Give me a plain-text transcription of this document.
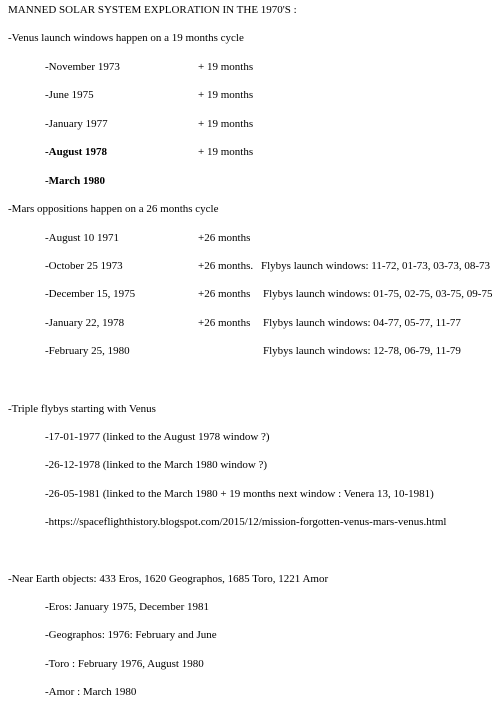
MANNED SOLAR SYSTEM EXPLORATION IN THE 1970'S :
-Venus launch windows happen on a 19 months cycle
-November 1973	+ 19 months
-June 1975	+ 19 months
-January 1977	+ 19 months
-August 1978	+ 19 months
-March 1980
-Mars oppositions happen on a 26 months cycle
-August 10 1971	+26 months
-October 25 1973	+26 months. Flybys launch windows: 11-72, 01-73, 03-73, 08-73
-December 15, 1975	+26 months Flybys launch windows: 01-75, 02-75, 03-75, 09-75
-January 22, 1978	+26 months Flybys launch windows: 04-77, 05-77, 11-77
-February 25, 1980	Flybys launch windows: 12-78, 06-79, 11-79
-Triple flybys starting with Venus
-17-01-1977 (linked to the August 1978 window ?)
-26-12-1978 (linked to the March 1980 window ?)
-26-05-1981 (linked to the March 1980 + 19 months next window : Venera 13, 10-1981)
-https://spaceflighthistory.blogspot.com/2015/12/mission-forgotten-venus-mars-venus.html
-Near Earth objects: 433 Eros, 1620 Geographos, 1685 Toro, 1221 Amor
-Eros: January 1975, December 1981
-Geographos: 1976: February and June
-Toro : February 1976, August 1980
-Amor : March 1980
